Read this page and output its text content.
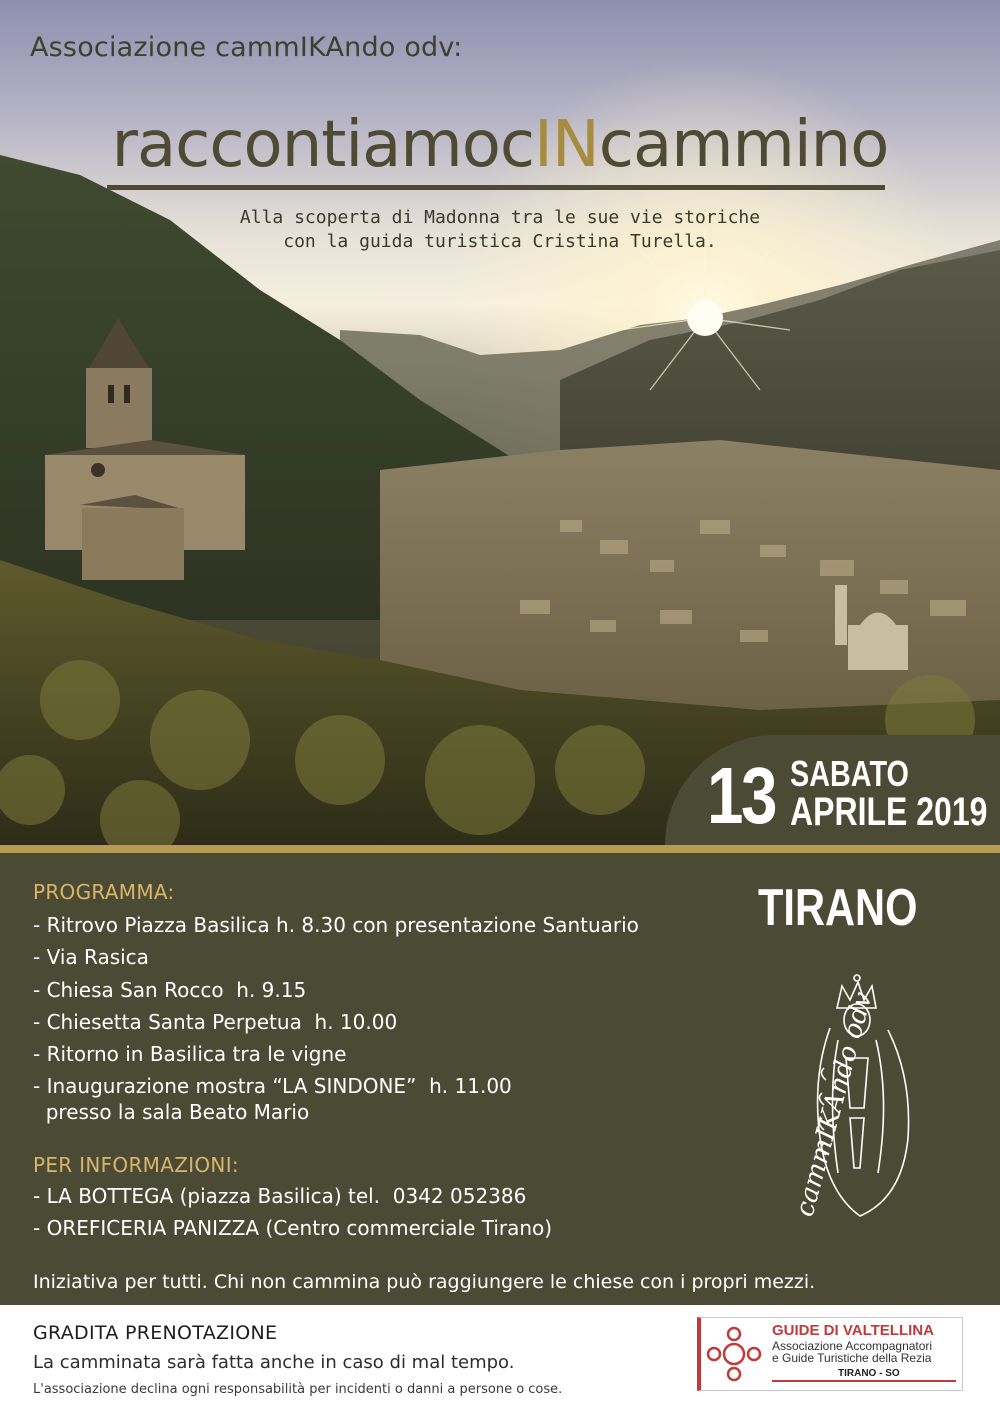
Associazione cammIKAndo odv:
raccontiamocINcammino
Alla scoperta di Madonna tra le sue vie storiche
con la guida turistica Cristina Turella.
13 SABATO
APRILE 2019
PROGRAMMA:
- Ritrovo Piazza Basilica h. 8.30 con presentazione Santuario
- Via Rasica
- Chiesa San Rocco  h. 9.15
- Chiesetta Santa Perpetua  h. 10.00
- Ritorno in Basilica tra le vigne
- Inaugurazione mostra “LA SINDONE”  h. 11.00
presso la sala Beato Mario
PER INFORMAZIONI:
- LA BOTTEGA (piazza Basilica) tel.  0342 052386
- OREFICERIA PANIZZA (Centro commerciale Tirano)
TIRANO
cammIKAndo odv
Iniziativa per tutti. Chi non cammina può raggiungere le chiese con i propri mezzi.
GRADITA PRENOTAZIONE
La camminata sarà fatta anche in caso di mal tempo.
L'associazione declina ogni responsabilità per incidenti o danni a persone o cose.
GUIDE DI VALTELLINA
Associazione Accompagnatori
e Guide Turistiche della Rezia
TIRANO - SO
